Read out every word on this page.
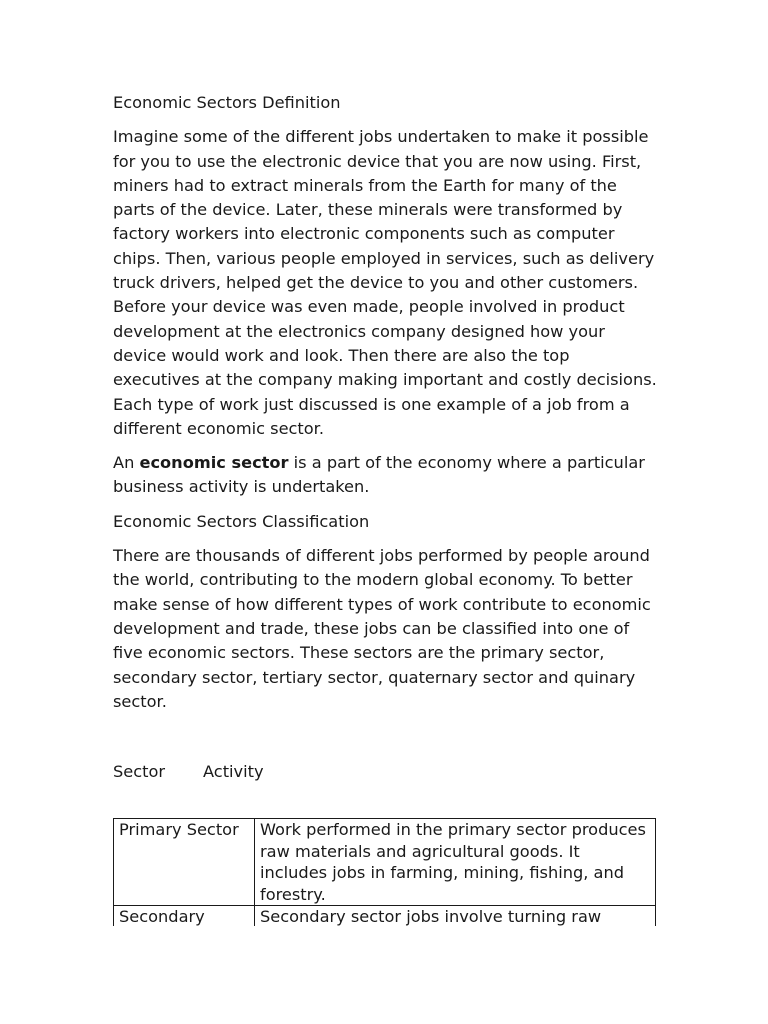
Economic Sectors Definition

Imagine some of the different jobs undertaken to make it possible for you to use the electronic device that you are now using. First, miners had to extract minerals from the Earth for many of the parts of the device. Later, these minerals were transformed by factory workers into electronic components such as computer chips. Then, various people employed in services, such as delivery truck drivers, helped get the device to you and other customers. Before your device was even made, people involved in product development at the electronics company designed how your device would work and look. Then there are also the top executives at the company making important and costly decisions. Each type of work just discussed is one example of a job from a different economic sector.

An economic sector is a part of the economy where a particular business activity is undertaken.

Economic Sectors Classification

There are thousands of different jobs performed by people around the world, contributing to the modern global economy. To better make sense of how different types of work contribute to economic development and trade, these jobs can be classified into one of five economic sectors. These sectors are the primary sector, secondary sector, tertiary sector, quaternary sector and quinary sector.

Sector Activity
Primary Sector	Work performed in the primary sector produces raw materials and agricultural goods. It includes jobs in farming, mining, fishing, and forestry.
Secondary	Secondary sector jobs involve turning raw
